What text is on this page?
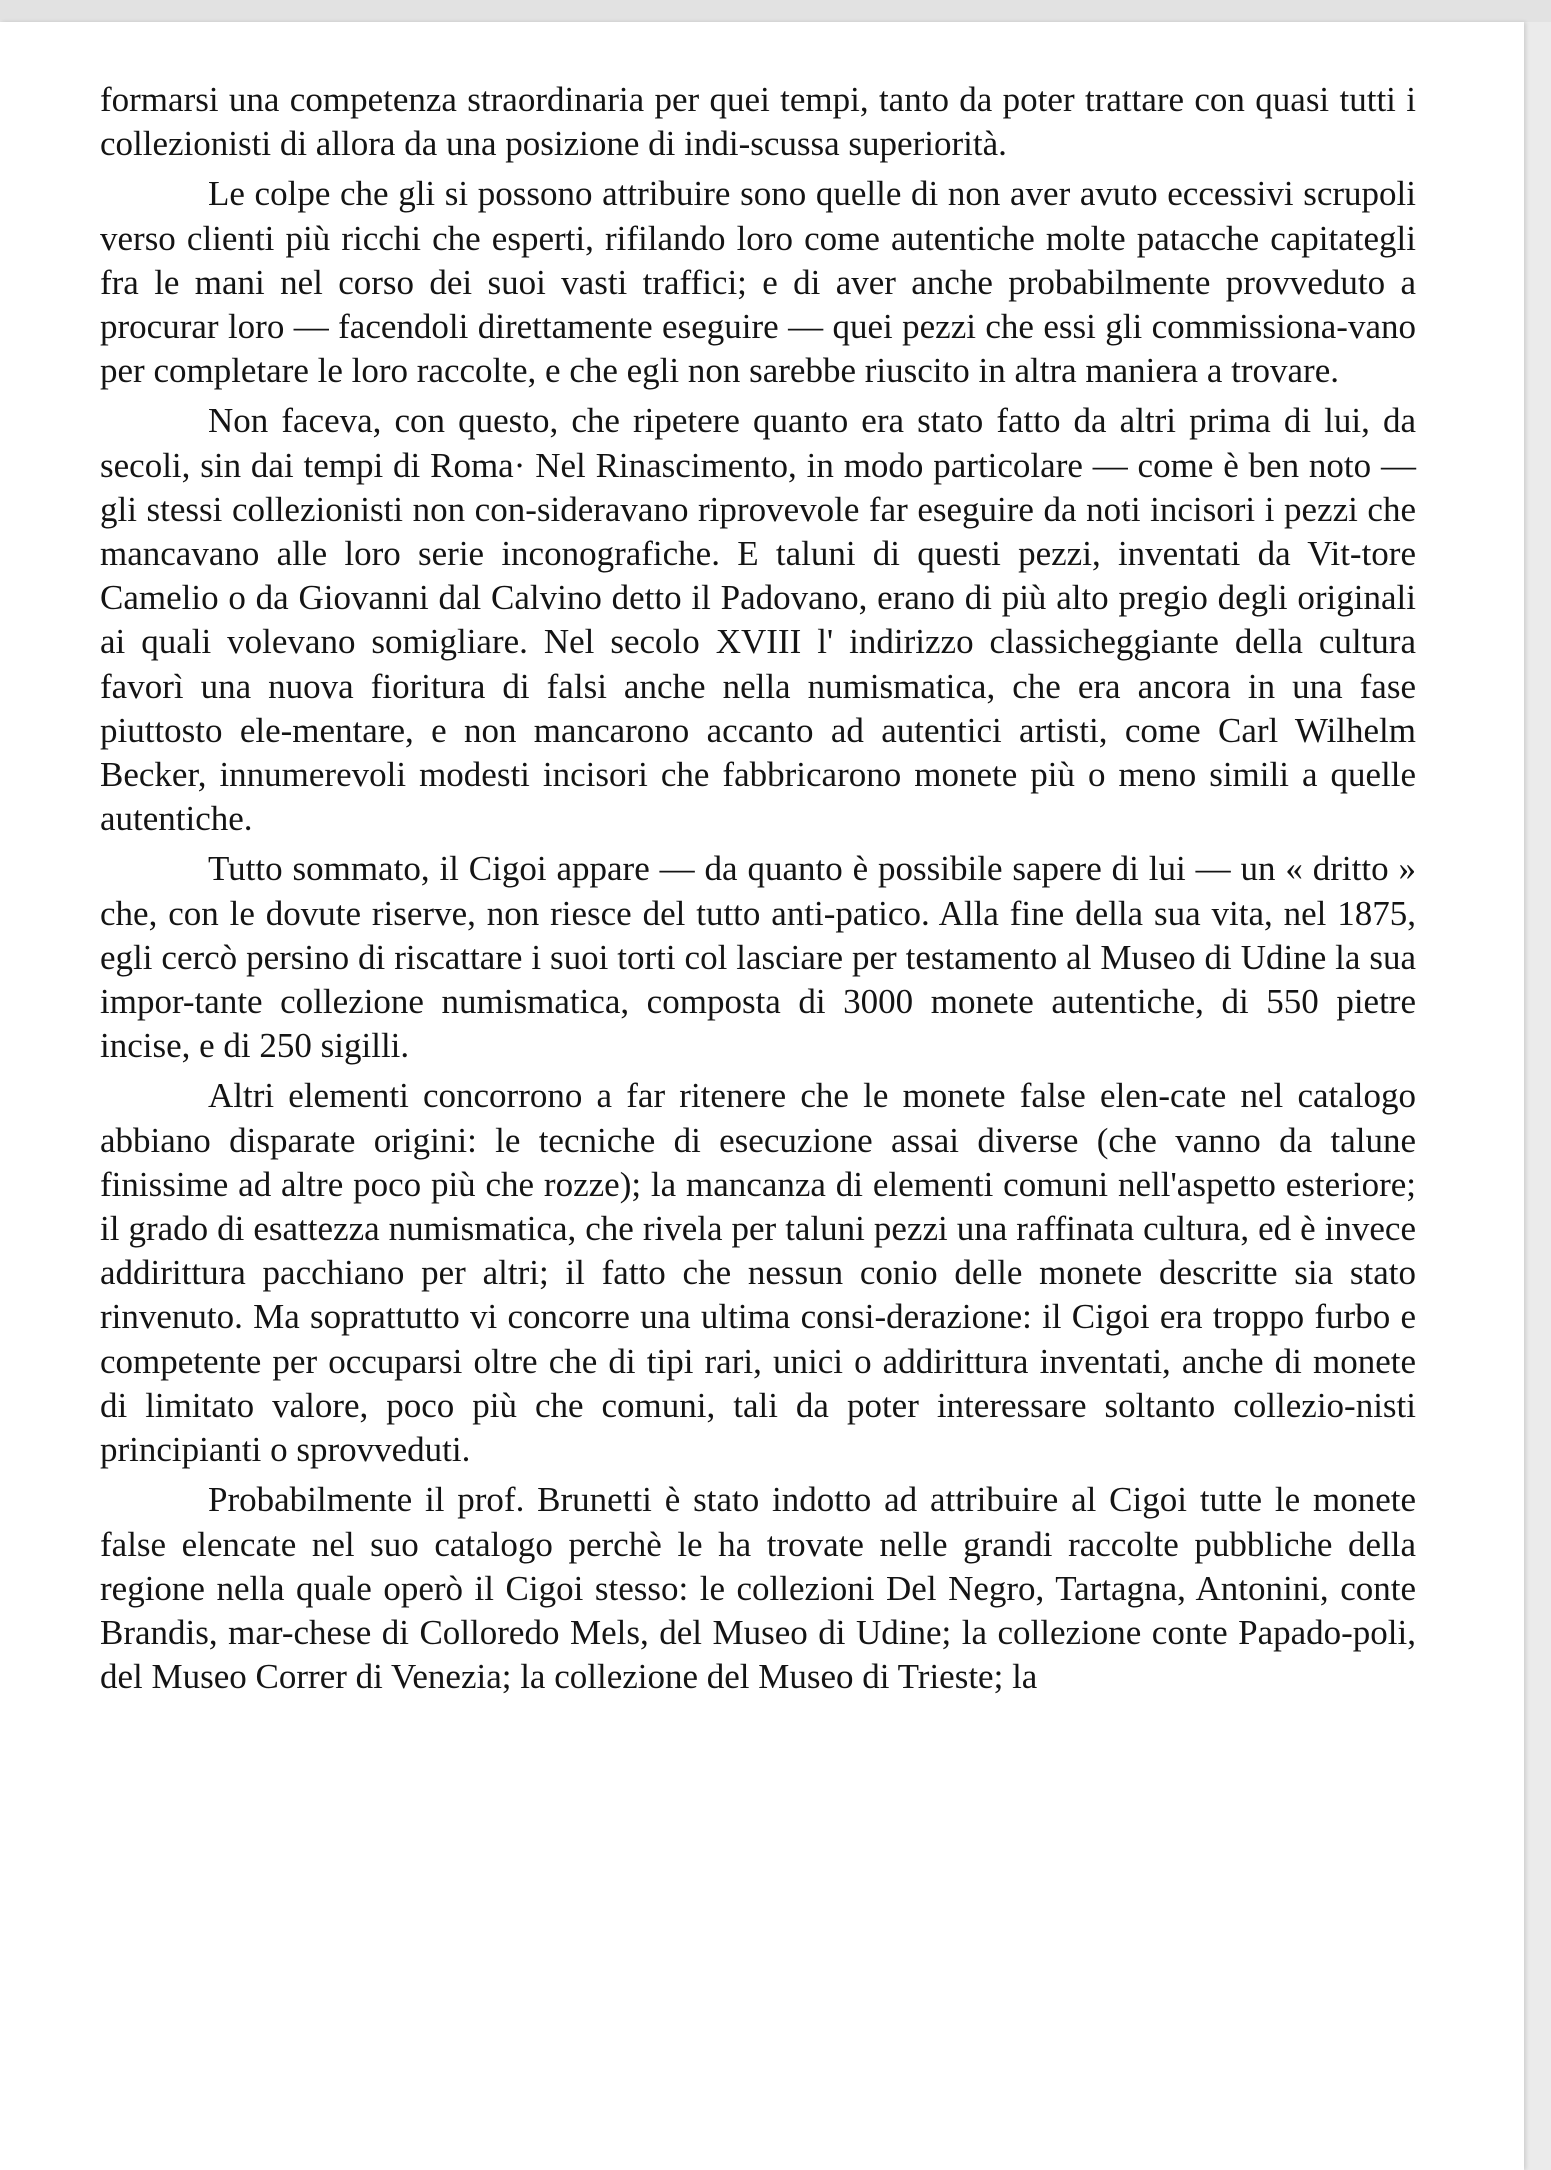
formarsi una competenza straordinaria per quei tempi, tanto da poter trattare con quasi tutti i collezionisti di allora da una posizione di indi-scussa superiorità.

Le colpe che gli si possono attribuire sono quelle di non aver avuto eccessivi scrupoli verso clienti più ricchi che esperti, rifilando loro come autentiche molte patacche capitategli fra le mani nel corso dei suoi vasti traffici; e di aver anche probabilmente provveduto a procurar loro — facendoli direttamente eseguire — quei pezzi che essi gli commissiona-vano per completare le loro raccolte, e che egli non sarebbe riuscito in altra maniera a trovare.

Non faceva, con questo, che ripetere quanto era stato fatto da altri prima di lui, da secoli, sin dai tempi di Roma· Nel Rinascimento, in modo particolare — come è ben noto — gli stessi collezionisti non con-sideravano riprovevole far eseguire da noti incisori i pezzi che mancavano alle loro serie inconografiche. E taluni di questi pezzi, inventati da Vit-tore Camelio o da Giovanni dal Calvino detto il Padovano, erano di più alto pregio degli originali ai quali volevano somigliare. Nel secolo XVIII l' indirizzo classicheggiante della cultura favorì una nuova fioritura di falsi anche nella numismatica, che era ancora in una fase piuttosto ele-mentare, e non mancarono accanto ad autentici artisti, come Carl Wilhelm Becker, innumerevoli modesti incisori che fabbricarono monete più o meno simili a quelle autentiche.

Tutto sommato, il Cigoi appare — da quanto è possibile sapere di lui — un « dritto » che, con le dovute riserve, non riesce del tutto anti-patico. Alla fine della sua vita, nel 1875, egli cercò persino di riscattare i suoi torti col lasciare per testamento al Museo di Udine la sua impor-tante collezione numismatica, composta di 3000 monete autentiche, di 550 pietre incise, e di 250 sigilli.

Altri elementi concorrono a far ritenere che le monete false elen-cate nel catalogo abbiano disparate origini: le tecniche di esecuzione assai diverse (che vanno da talune finissime ad altre poco più che rozze); la mancanza di elementi comuni nell'aspetto esteriore; il grado di esattezza numismatica, che rivela per taluni pezzi una raffinata cultura, ed è invece addirittura pacchiano per altri; il fatto che nessun conio delle monete descritte sia stato rinvenuto. Ma soprattutto vi concorre una ultima consi-derazione: il Cigoi era troppo furbo e competente per occuparsi oltre che di tipi rari, unici o addirittura inventati, anche di monete di limitato valore, poco più che comuni, tali da poter interessare soltanto collezio-nisti principianti o sprovveduti.

Probabilmente il prof. Brunetti è stato indotto ad attribuire al Cigoi tutte le monete false elencate nel suo catalogo perchè le ha trovate nelle grandi raccolte pubbliche della regione nella quale operò il Cigoi stesso: le collezioni Del Negro, Tartagna, Antonini, conte Brandis, mar-chese di Colloredo Mels, del Museo di Udine; la collezione conte Papado-poli, del Museo Correr di Venezia; la collezione del Museo di Trieste; la
